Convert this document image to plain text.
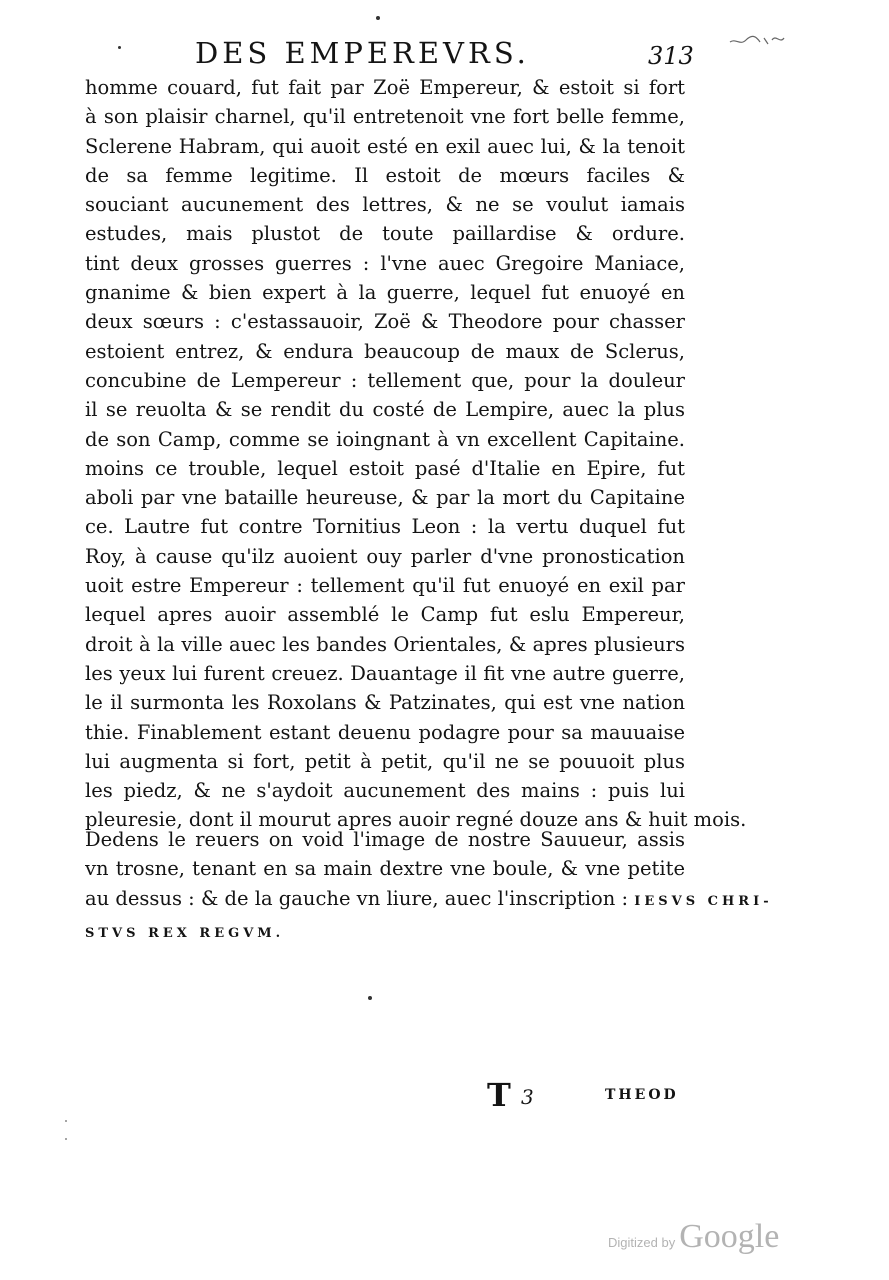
DES EMPEREVRS.	313
homme couard, fut fait par Zoë Empereur, & estoit si fort
à son plaisir charnel, qu'il entretenoit vne fort belle femme,
Sclerene Habram, qui auoit esté en exil auec lui, & la tenoit
de sa femme legitime. Il estoit de mœurs faciles &
souciant aucunement des lettres, & ne se voulut iamais
estudes, mais plustot de toute paillardise & ordure.
tint deux grosses guerres : l'vne auec Gregoire Maniace,
gnanime & bien expert à la guerre, lequel fut enuoyé en
deux sœurs : c'estassauoir, Zoë & Theodore pour chasser
estoient entrez, & endura beaucoup de maux de Sclerus,
concubine de Lempereur : tellement que, pour la douleur
il se reuolta & se rendit du costé de Lempire, auec la plus
de son Camp, comme se ioingnant à vn excellent Capitaine.
moins ce trouble, lequel estoit pasé d'Italie en Epire, fut
aboli par vne bataille heureuse, & par la mort du Capitaine
ce. Lautre fut contre Tornitius Leon : la vertu duquel fut
Roy, à cause qu'ilz auoient ouy parler d'vne pronostication
uoit estre Empereur : tellement qu'il fut enuoyé en exil par
lequel apres auoir assemblé le Camp fut eslu Empereur,
droit à la ville auec les bandes Orientales, & apres plusieurs
les yeux lui furent creuez. Dauantage il fit vne autre guerre,
le il surmonta les Roxolans & Patzinates, qui est vne nation
thie. Finablement estant deuenu podagre pour sa mauuaise
lui augmenta si fort, petit à petit, qu'il ne se pouuoit plus
les piedz, & ne s'aydoit aucunement des mains : puis lui
pleuresie, dont il mourut apres auoir regné douze ans & huit mois.
Dedens le reuers on void l'image de nostre Sauueur, assis
vn trosne, tenant en sa main dextre vne boule, & vne petite
au dessus : & de la gauche vn liure, auec l'inscription : IESVS CHRI-
STVS REX REGVM.
T 3	THEOD
$^{Digitized by}$ Google
